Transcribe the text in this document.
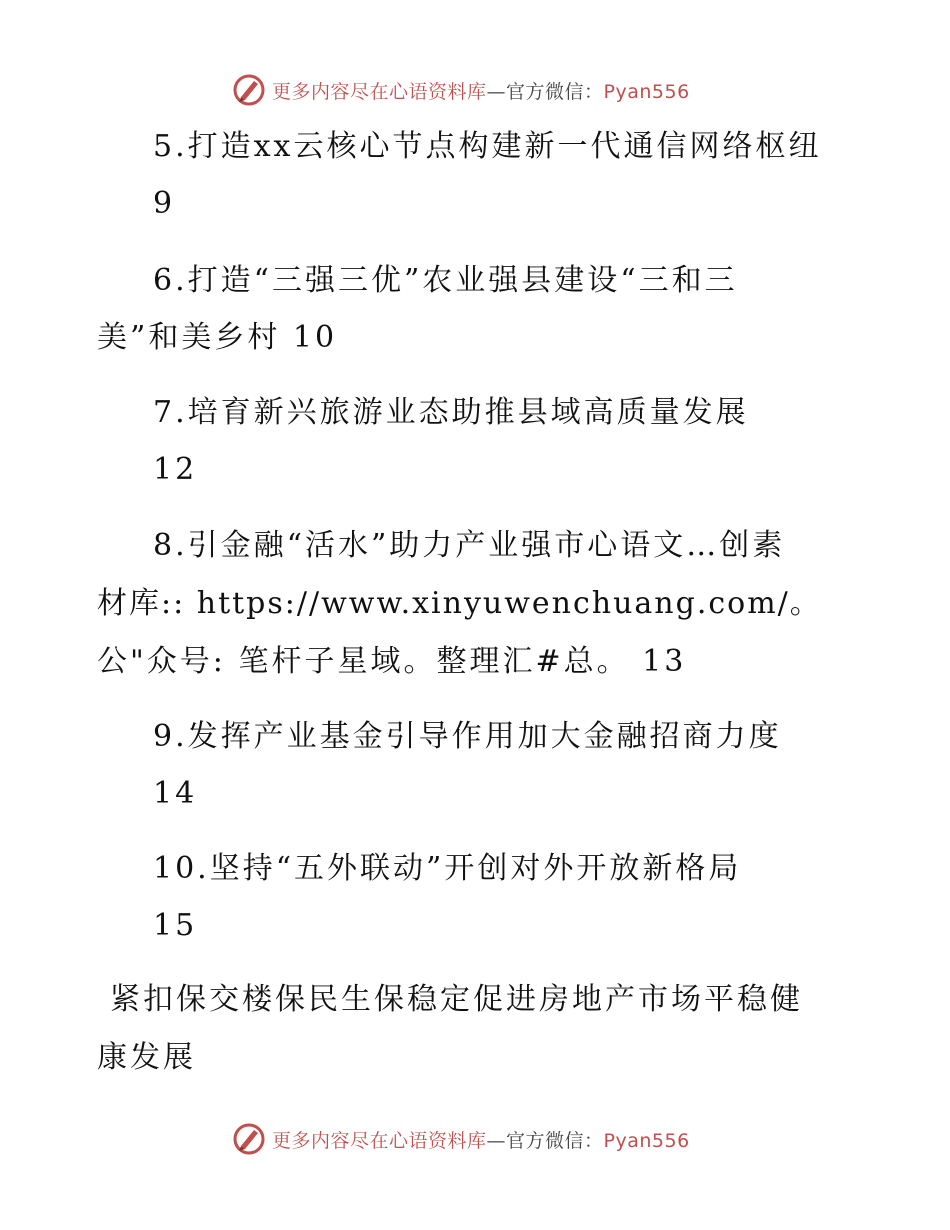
更多内容尽在心语资料库—官方微信：Pyan556
5.打造xx云核心节点构建新一代通信网络枢纽
9
6.打造“三强三优”农业强县建设“三和三
美”和美乡村 10
7.培育新兴旅游业态助推县域高质量发展
12
8.引金融“活水”助力产业强市心语文…创素
材库:: https://www.xinyuwenchuang.com/。
公"众号: 笔杆子星域。整理汇#总。 13
9.发挥产业基金引导作用加大金融招商力度
14
10.坚持“五外联动”开创对外开放新格局
15
紧扣保交楼保民生保稳定促进房地产市场平稳健
康发展
更多内容尽在心语资料库—官方微信：Pyan556
